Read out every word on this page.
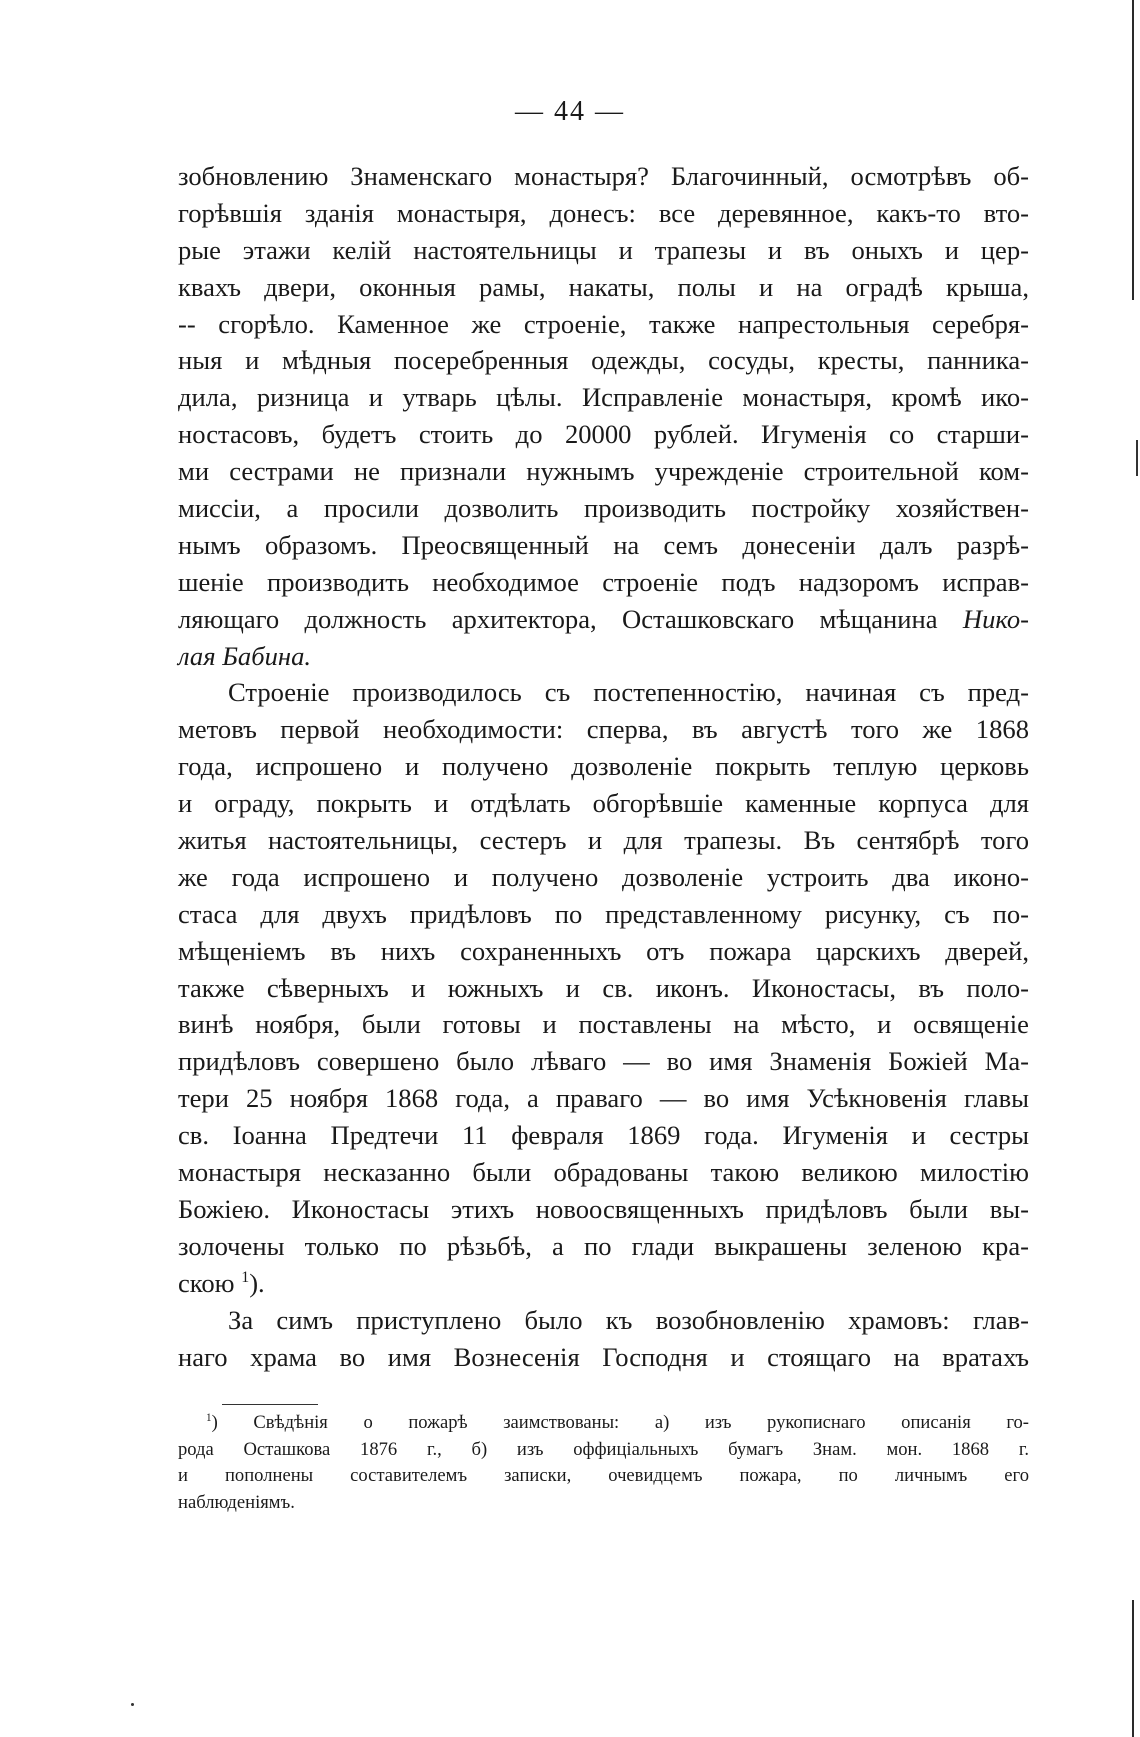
— 44 —
зобновлению Знаменскаго монастыря? Благочинный, осмотрѣвъ об-
горѣвшія зданія монастыря, донесъ: все деревянное, какъ-то вто-
рые этажи келій настоятельницы и трапезы и въ оныхъ и цер-
квахъ двери, оконныя рамы, накаты, полы и на оградѣ крыша,
-- сгорѣло. Каменное же строеніе, также напрестольныя серебря-
ныя и мѣдныя посеребренныя одежды, сосуды, кресты, панника-
дила, ризница и утварь цѣлы. Исправленіе монастыря, кромѣ ико-
ностасовъ, будетъ стоить до 20000 рублей. Игуменія со старши-
ми сестрами не признали нужнымъ учрежденіе строительной ком-
миссіи, а просили дозволить производить постройку хозяйствен-
нымъ образомъ. Преосвященный на семъ донесеніи далъ разрѣ-
шеніе производить необходимое строеніе подъ надзоромъ исправ-
ляющаго должность архитектора, Осташковскаго мѣщанина Нико-
лая Бабина.
Строеніе производилось съ постепенностію, начиная съ пред-
метовъ первой необходимости: сперва, въ августѣ того же 1868
года, испрошено и получено дозволеніе покрыть теплую церковь
и ограду, покрыть и отдѣлать обгорѣвшіе каменные корпуса для
житья настоятельницы, сестеръ и для трапезы. Въ сентябрѣ того
же года испрошено и получено дозволеніе устроить два иконо-
стаса для двухъ придѣловъ по представленному рисунку, съ по-
мѣщеніемъ въ нихъ сохраненныхъ отъ пожара царскихъ дверей,
также сѣверныхъ и южныхъ и св. иконъ. Иконостасы, въ поло-
винѣ ноября, были готовы и поставлены на мѣсто, и освященіе
придѣловъ совершено было лѣваго — во имя Знаменія Божіей Ма-
тери 25 ноября 1868 года, а праваго — во имя Усѣкновенія главы
св. Іоанна Предтечи 11 февраля 1869 года. Игуменія и сестры
монастыря несказанно были обрадованы такою великою милостію
Божіею. Иконостасы этихъ новоосвященныхъ придѣловъ были вы-
золочены только по рѣзьбѣ, а по глади выкрашены зеленою кра-
скою $^1$).
За симъ приступлено было къ возобновленію храмовъ: глав-
наго храма во имя Вознесенія Господня и стоящаго на вратахъ
$^1$) Свѣдѣнія о пожарѣ заимствованы: а) изъ рукописнаго описанія го-
рода Осташкова 1876 г., б) изъ оффиціальныхъ бумагъ Знам. мон. 1868 г.
и пополнены составителемъ записки, очевидцемъ пожара, по личнымъ его
наблюденіямъ.
